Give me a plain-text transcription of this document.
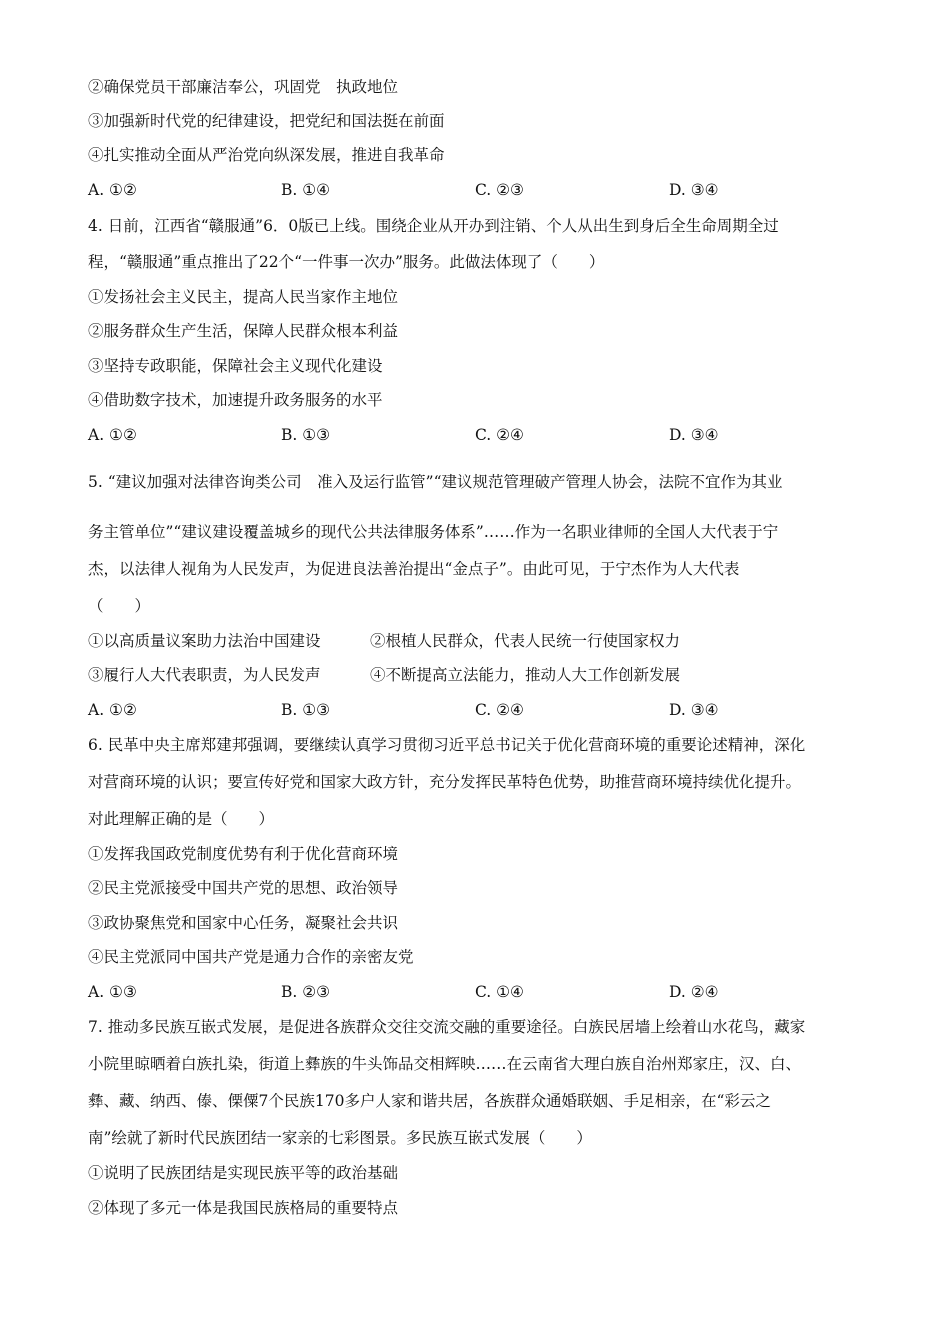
②确保党员干部廉洁奉公，巩固党　执政地位

③加强新时代党的纪律建设，把党纪和国法挺在前面

④扎实推动全面从严治党向纵深发展，推进自我革命

A. ①②	B. ①④	C. ②③	D. ③④

4. 日前，江西省“赣服通”6．0版已上线。围绕企业从开办到注销、个人从出生到身后全生命周期全过

程，“赣服通”重点推出了22个“一件事一次办”服务。此做法体现了（　　）

①发扬社会主义民主，提高人民当家作主地位

②服务群众生产生活，保障人民群众根本利益

③坚持专政职能，保障社会主义现代化建设

④借助数字技术，加速提升政务服务的水平

A. ①②	B. ①③	C. ②④	D. ③④

5. “建议加强对法律咨询类公司　准入及运行监管”“建议规范管理破产管理人协会，法院不宜作为其业

务主管单位”“建议建设覆盖城乡的现代公共法律服务体系”……作为一名职业律师的全国人大代表于宁

杰，以法律人视角为人民发声，为促进良法善治提出“金点子”。由此可见，于宁杰作为人大代表

（　　）

①以高质量议案助力法治中国建设	②根植人民群众，代表人民统一行使国家权力
③履行人大代表职责，为人民发声	④不断提高立法能力，推动人大工作创新发展
A. ①②	B. ①③	C. ②④	D. ③④

6. 民革中央主席郑建邦强调，要继续认真学习贯彻习近平总书记关于优化营商环境的重要论述精神，深化

对营商环境的认识；要宣传好党和国家大政方针，充分发挥民革特色优势，助推营商环境持续优化提升。

对此理解正确的是（　　）

①发挥我国政党制度优势有利于优化营商环境

②民主党派接受中国共产党的思想、政治领导

③政协聚焦党和国家中心任务，凝聚社会共识

④民主党派同中国共产党是通力合作的亲密友党

A. ①③	B. ②③	C. ①④	D. ②④

7. 推动多民族互嵌式发展，是促进各族群众交往交流交融的重要途径。白族民居墙上绘着山水花鸟，藏家

小院里晾晒着白族扎染，街道上彝族的牛头饰品交相辉映……在云南省大理白族自治州郑家庄，汉、白、

彝、藏、纳西、傣、傈僳7个民族170多户人家和谐共居，各族群众通婚联姻、手足相亲，在“彩云之

南”绘就了新时代民族团结一家亲的七彩图景。多民族互嵌式发展（　　）

①说明了民族团结是实现民族平等的政治基础

②体现了多元一体是我国民族格局的重要特点
